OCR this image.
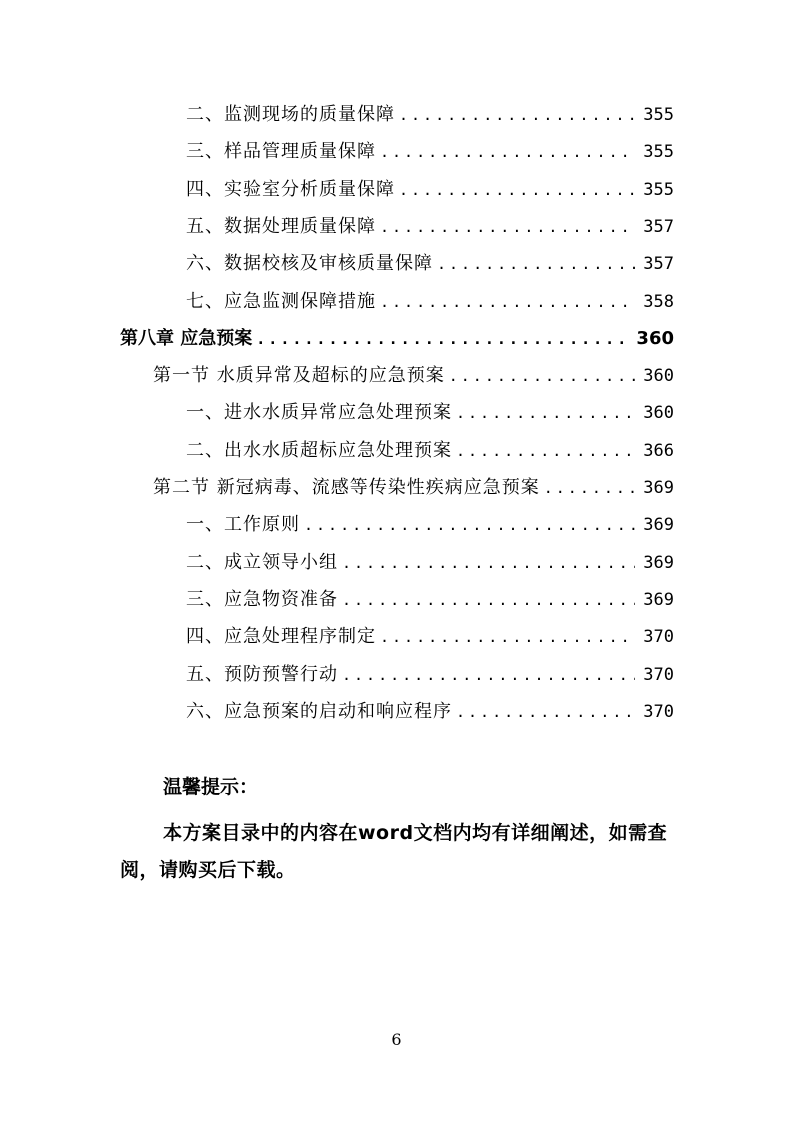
二、监测现场的质量保障 .....	355
三、样品管理质量保障 .....	355
四、实验室分析质量保障 .....	355
五、数据处理质量保障 .....	357
六、数据校核及审核质量保障 .....	357
七、应急监测保障措施 .....	358
第八章 应急预案 .....	360
第一节 水质异常及超标的应急预案 .....	360
一、进水水质异常应急处理预案 .....	360
二、出水水质超标应急处理预案 .....	366
第二节 新冠病毒、流感等传染性疾病应急预案 .....	369
一、工作原则 .....	369
二、成立领导小组 .....	369
三、应急物资准备 .....	369
四、应急处理程序制定 .....	370
五、预防预警行动 .....	370
六、应急预案的启动和响应程序 .....	370
温馨提示：
本方案目录中的内容在word文档内均有详细阐述，如需查阅，请购买后下载。
6
